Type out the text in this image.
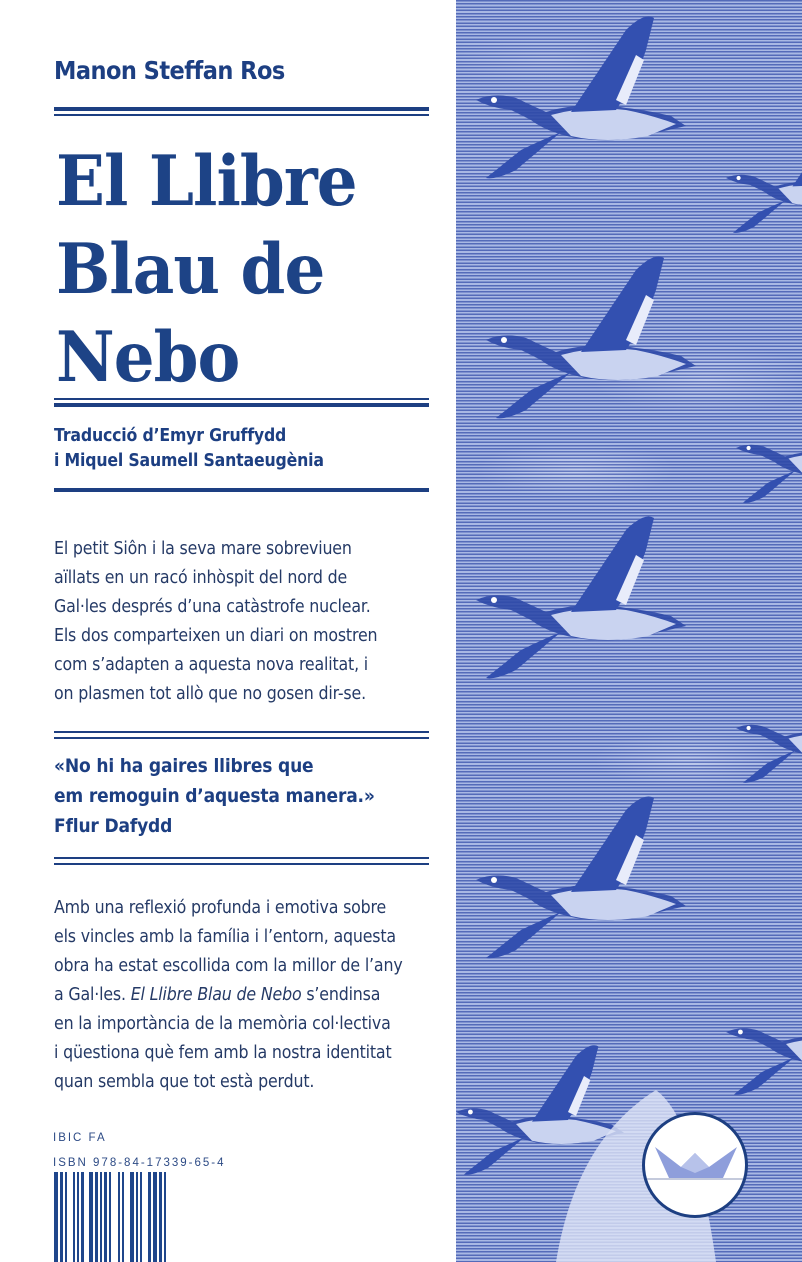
Manon Steffan Ros
El Llibre
Blau de
Nebo
Traducció d’Emyr Gruffydd
i Miquel Saumell Santaeugènia
El petit Siôn i la seva mare sobreviuen
aïllats en un racó inhòspit del nord de
Gal·les després d’una catàstrofe nuclear.
Els dos comparteixen un diari on mostren
com s’adapten a aquesta nova realitat, i
on plasmen tot allò que no gosen dir-se.
«No hi ha gaires llibres que
em remoguin d’aquesta manera.»
Fflur Dafydd
Amb una reflexió profunda i emotiva sobre
els vincles amb la família i l’entorn, aquesta
obra ha estat escollida com la millor de l’any
a Gal·les. El Llibre Blau de Nebo s’endinsa
en la importància de la memòria col·lectiva
i qüestiona què fem amb la nostra identitat
quan sembla que tot està perdut.
IBIC FA
ISBN 978-84-17339-65-4
